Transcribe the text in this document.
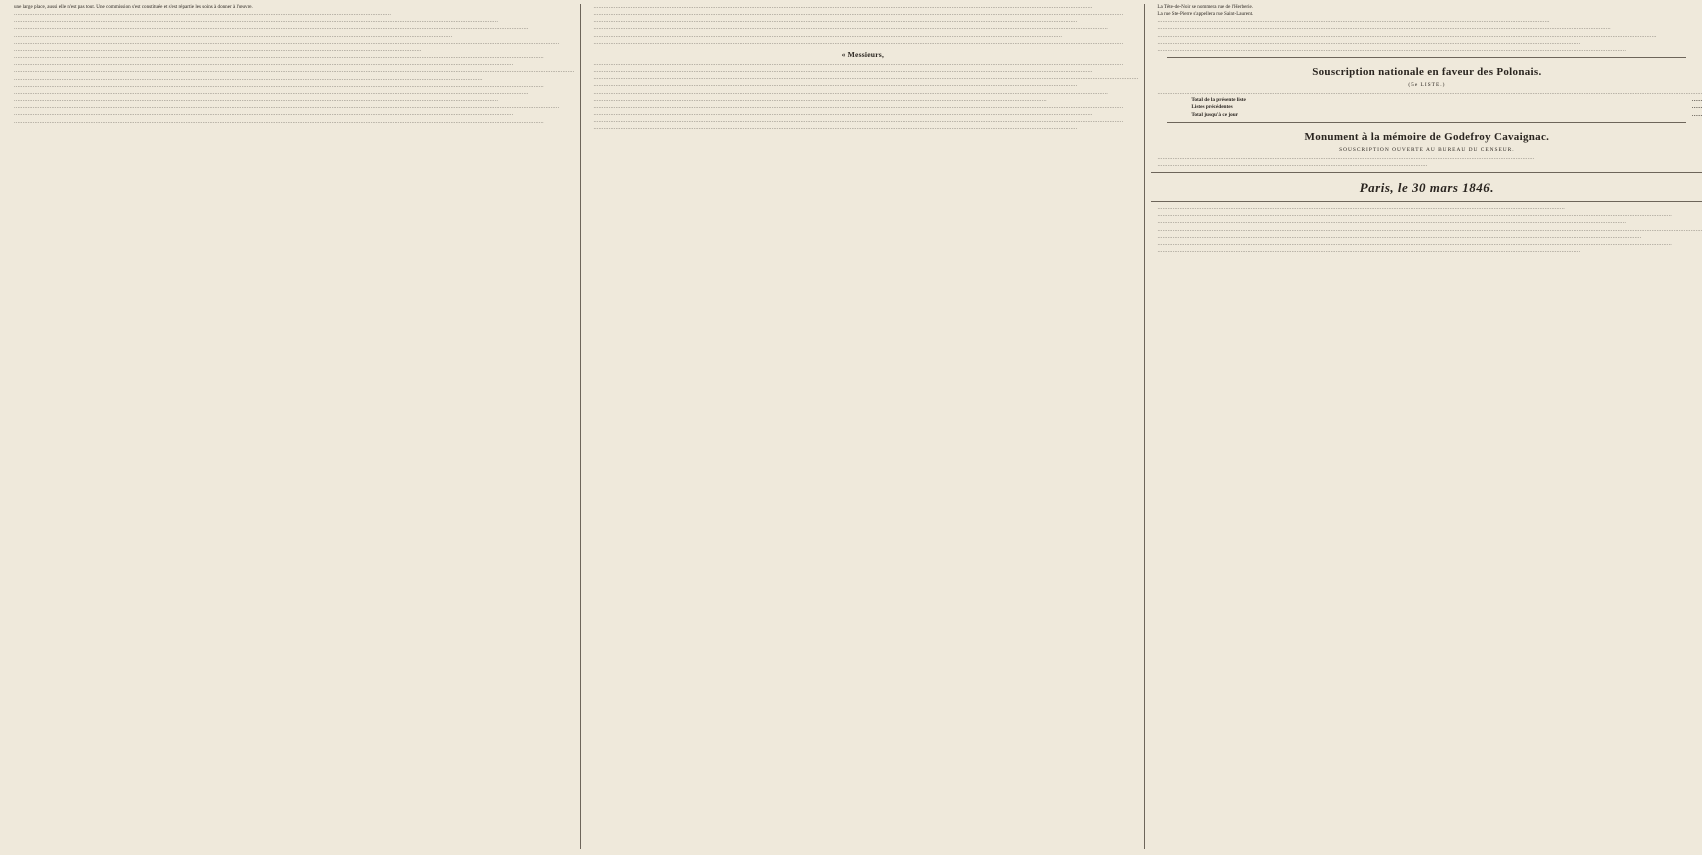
une large place, aussi elle n'est pas tout. Une commission s'est constituée et s'est répartie les soins à donner à l'œuvre.

……………………………………………………………………………………………………………………………………………………………………………………………………

……………………………………………………………………………………………………………………………………………………………………………………………………………………………………………………………

……………………………………………………………………………………………………………………………………………………………………………………………………………………………………………………………………………

……………………………………………………………………………………………………………………………………………………………………………………………………………………………………

……………………………………………………………………………………………………………………………………………………………………………………………………………………………………………………………………………………………

……………………………………………………………………………………………………………………………………………………………………………………………………………………

……………………………………………………………………………………………………………………………………………………………………………………………………………………………………………………………………………………

……………………………………………………………………………………………………………………………………………………………………………………………………………………………………………………………………

……………………………………………………………………………………………………………………………………………………………………………………………………………………………………………………………………………………………………

……………………………………………………………………………………………………………………………………………………………………………………………………………………………………………………

……………………………………………………………………………………………………………………………………………………………………………………………………………………………………………………………………………………

……………………………………………………………………………………………………………………………………………………………………………………………………………………………………………………………………………

……………………………………………………………………………………………………………………………………………………………………………………………………………………………………………………………

……………………………………………………………………………………………………………………………………………………………………………………………………………………………………………………………………………………………

……………………………………………………………………………………………………………………………………………………………………………………………………………………………………………………………………

……………………………………………………………………………………………………………………………………………………………………………………………………………………………………………………………………………………

……………………………………………………………………………………………………………………………………………………………………………………………………………………………………………………………………

……………………………………………………………………………………………………………………………………………………………………………………………………………………………………………………………………………………

……………………………………………………………………………………………………………………………………………………………………………………………………………………………………………………………

……………………………………………………………………………………………………………………………………………………………………………………………………………………………………………………………………………

……………………………………………………………………………………………………………………………………………………………………………………………………………………………………………………

……………………………………………………………………………………………………………………………………………………………………………………………………………………………………………………………………………………

« Messieurs,

……………………………………………………………………………………………………………………………………………………………………………………………………………………………………………………………………………………

……………………………………………………………………………………………………………………………………………………………………………………………………………………………………………………………………

……………………………………………………………………………………………………………………………………………………………………………………………………………………………………………………………………………………………

……………………………………………………………………………………………………………………………………………………………………………………………………………………………………………………………

……………………………………………………………………………………………………………………………………………………………………………………………………………………………………………………………………………

……………………………………………………………………………………………………………………………………………………………………………………………………………………………………………

……………………………………………………………………………………………………………………………………………………………………………………………………………………………………………………………………………………

……………………………………………………………………………………………………………………………………………………………………………………………………………………………………………………………………

……………………………………………………………………………………………………………………………………………………………………………………………………………………………………………………………………………………

……………………………………………………………………………………………………………………………………………………………………………………………………………………………………………………………

La Tête-de-Noir se nommera rue de l'Herberie.

La rue Ste-Pierre s'appellera rue Saint-Laurent.

……………………………………………………………………………………………………………………………………………………………………………………………………………

……………………………………………………………………………………………………………………………………………………………………………………………………………………………………………

……………………………………………………………………………………………………………………………………………………………………………………………………………………………………………………………………

……………………………………………………………………………………………………………………………………………………………………………………………………………………………

……………………………………………………………………………………………………………………………………………………………………………………………………………………………………………………

Souscription nationale en faveur des Polonais.

(5e LISTE.)

……………………………………………………………………………………………………………………………………………………………………………………………………………………………………………………………………………………………

Total de la présente liste	……
Listes précédentes	……
Total jusqu'à ce jour	……

Monument à la mémoire de Godefroy Cavaignac.

SOUSCRIPTION OUVERTE AU BUREAU DU CENSEUR.

……………………………………………………………………………………………………………………………………………………………………………………………………

……………………………………………………………………………………………………………………………………………

Paris, le 30 mars 1846.

……………………………………………………………………………………………………………………………………………………………………………………………………………………

……………………………………………………………………………………………………………………………………………………………………………………………………………………………………………………………………………

……………………………………………………………………………………………………………………………………………………………………………………………………………………………………………………

……………………………………………………………………………………………………………………………………………………………………………………………………………………………………………………………………………………………

……………………………………………………………………………………………………………………………………………………………………………………………………………………………………………………………

……………………………………………………………………………………………………………………………………………………………………………………………………………………………………………………………………………

……………………………………………………………………………………………………………………………………………………………………………………………………………………………
